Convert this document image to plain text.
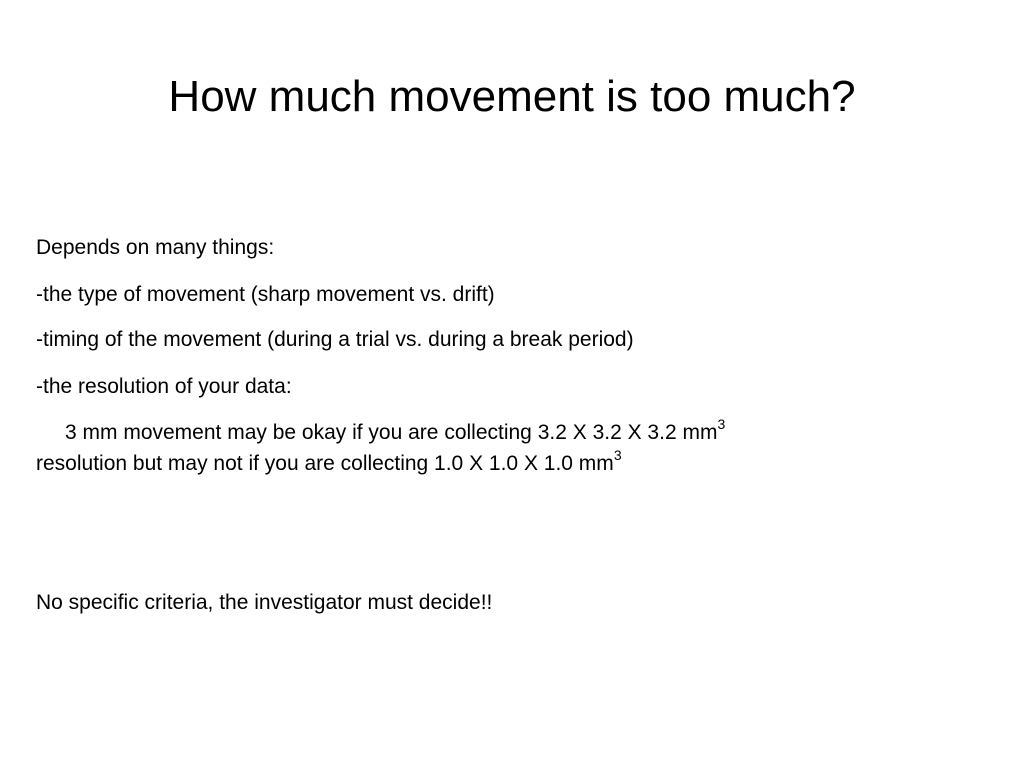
How much movement is too much?
Depends on many things:
-the type of movement (sharp movement vs. drift)
-timing of the movement (during a trial vs. during a break period)
-the resolution of your data:
3 mm movement may be okay if you are collecting 3.2 X 3.2 X 3.2 $mm^3$
resolution but may not if you are collecting 1.0 X 1.0 X 1.0 $mm^3$
No specific criteria, the investigator must decide!!
